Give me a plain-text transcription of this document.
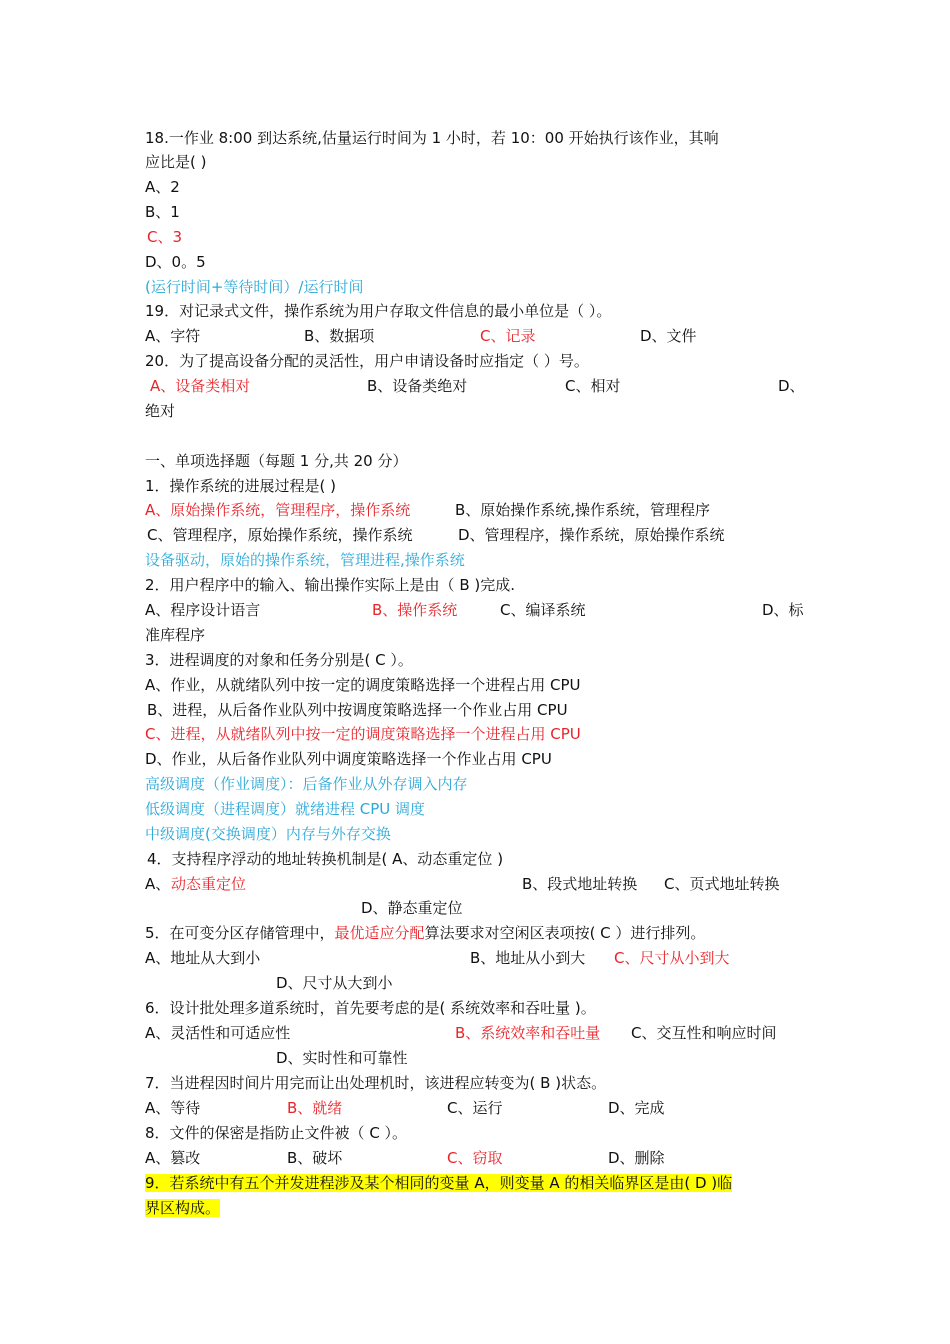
18.一作业 8:00 到达系统,估量运行时间为 1 小时，若 10：00 开始执行该作业，其响
应比是( )
A、2
B、1
C、3
D、0。5
(运行时间+等待时间）/运行时间
19．对记录式文件，操作系统为用户存取文件信息的最小单位是（ ）。
A、字符	B、数据项	C、记录	D、文件
20．为了提高设备分配的灵活性，用户申请设备时应指定（ ）号。
A、设备类相对	B、设备类绝对	C、相对	D、
绝对
一、单项选择题（每题 1 分,共 20 分）
1．操作系统的进展过程是( )
A、原始操作系统，管理程序，操作系统	B、原始操作系统,操作系统，管理程序
C、管理程序，原始操作系统，操作系统	D、管理程序，操作系统，原始操作系统
设备驱动，原始的操作系统，管理进程,操作系统
2．用户程序中的输入、输出操作实际上是由（ B )完成.
A、程序设计语言	B、操作系统	C、编译系统	D、标
准库程序
3．进程调度的对象和任务分别是( C ）。
A、作业，从就绪队列中按一定的调度策略选择一个进程占用 CPU
B、进程，从后备作业队列中按调度策略选择一个作业占用 CPU
C、进程，从就绪队列中按一定的调度策略选择一个进程占用 CPU
D、作业，从后备作业队列中调度策略选择一个作业占用 CPU
高级调度（作业调度）：后备作业从外存调入内存
低级调度（进程调度）就绪进程 CPU 调度
中级调度(交换调度）内存与外存交换
4．支持程序浮动的地址转换机制是( A、动态重定位 )
A、 动态重定位	B、段式地址转换 C、页式地址转换
D、静态重定位
5．在可变分区存储管理中，最优适应分配算法要求对空闲区表项按( C ）进行排列。
A、地址从大到小	B、地址从小到大 C、尺寸从小到大
D、尺寸从大到小
6．设计批处理多道系统时，首先要考虑的是( 系统效率和吞吐量 )。
A、灵活性和可适应性	B、系统效率和吞吐量 C、交互性和响应时间
D、实时性和可靠性
7．当进程因时间片用完而让出处理机时，该进程应转变为( B )状态。
A、等待	B、就绪	C、运行	D、完成
8．文件的保密是指防止文件被（ C ）。
A、篡改	B、破坏	C、窃取	D、删除
9．若系统中有五个并发进程涉及某个相同的变量 A，则变量 A 的相关临界区是由( D )临
界区构成。
